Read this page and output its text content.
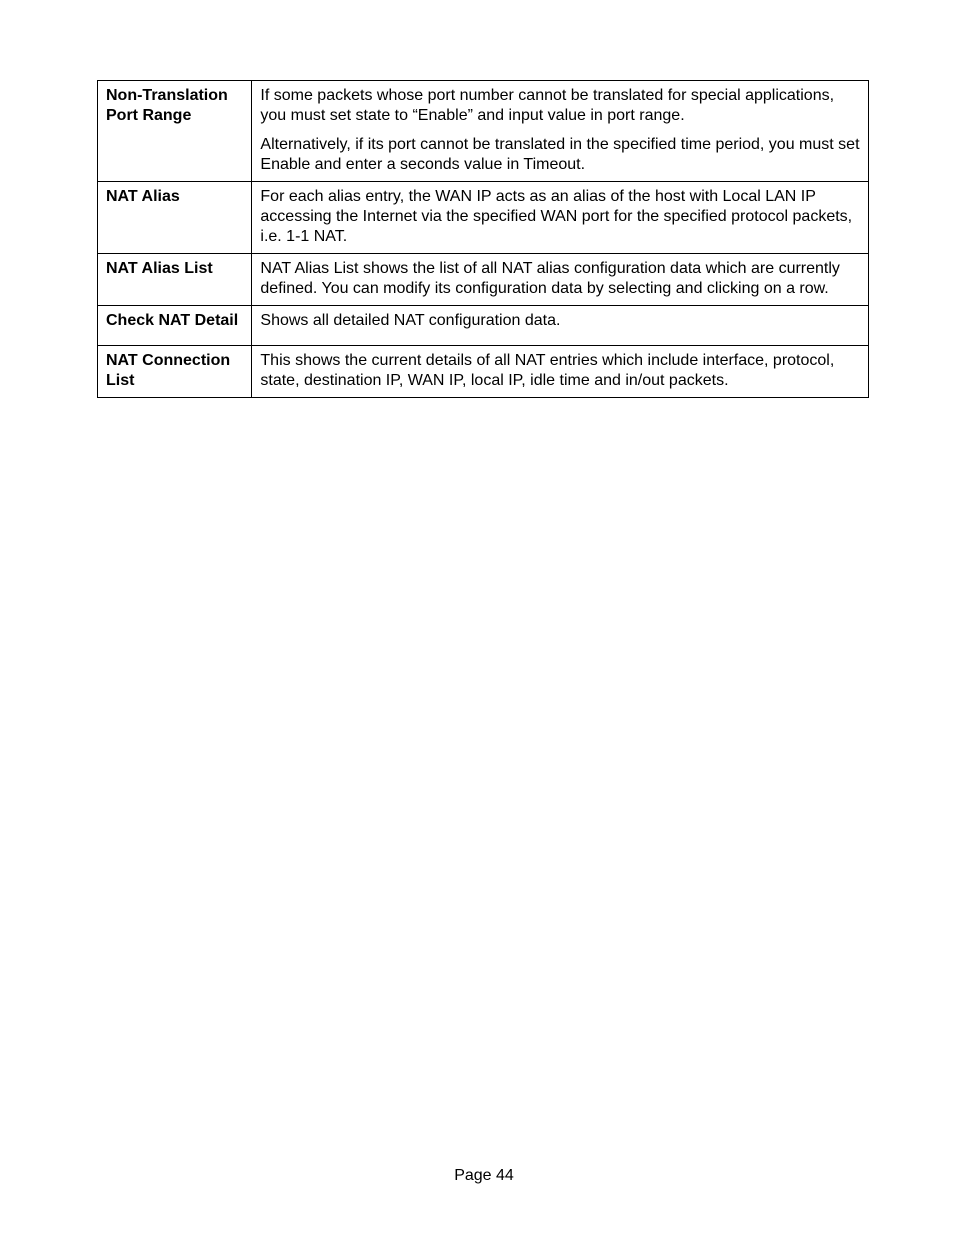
Non-Translation Port Range	If some packets whose port number cannot be translated for special applications, you must set state to “Enable” and input value in port range.

Alternatively, if its port cannot be translated in the specified time period, you must set Enable and enter a seconds value in Timeout.

NAT Alias	For each alias entry, the WAN IP acts as an alias of the host with Local LAN IP accessing the Internet via the specified WAN port for the specified protocol packets, i.e. 1-1 NAT.

NAT Alias List	NAT Alias List shows the list of all NAT alias configuration data which are currently defined. You can modify its configuration data by selecting and clicking on a row.

Check NAT Detail	Shows all detailed NAT configuration data.

NAT Connection List	This shows the current details of all NAT entries which include interface, protocol, state, destination IP, WAN IP, local IP, idle time and in/out packets.

Page 44
